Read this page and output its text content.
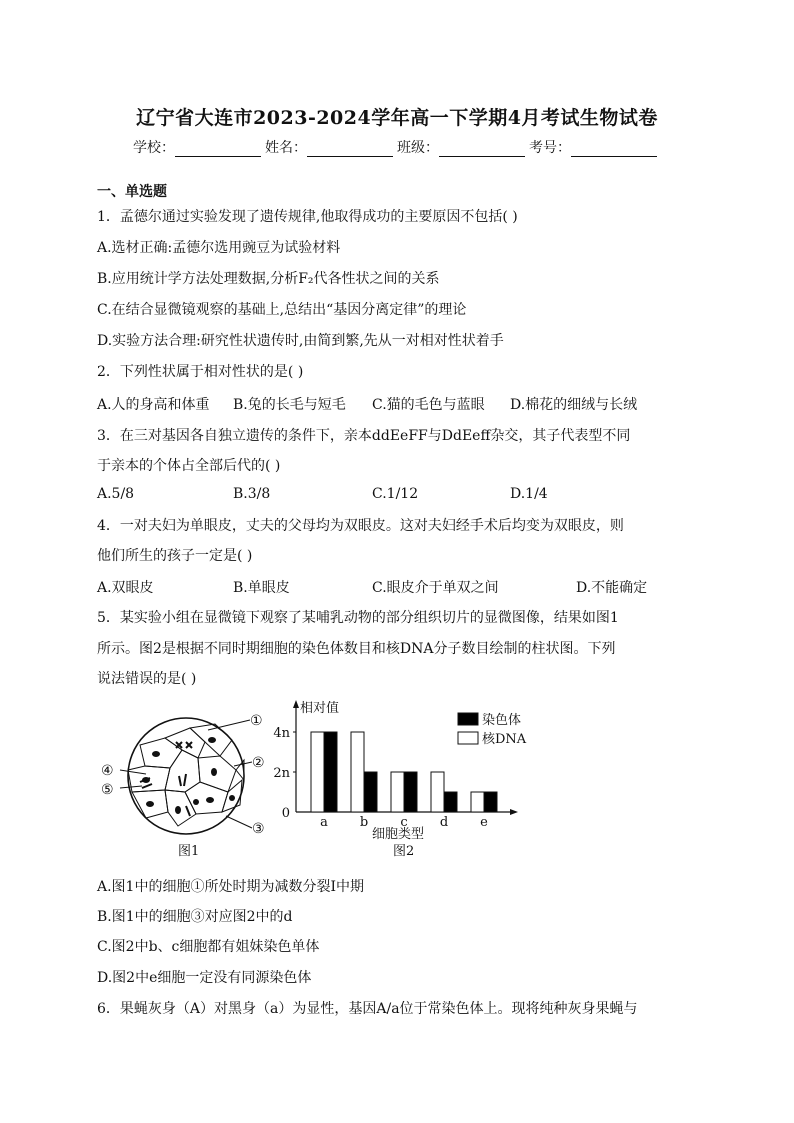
辽宁省大连市2023-2024学年高一下学期4月考试生物试卷
学校：	姓名：	班级：	考号：
一、单选题
1．孟德尔通过实验发现了遗传规律,他取得成功的主要原因不包括( )
A.选材正确:孟德尔选用豌豆为试验材料
B.应用统计学方法处理数据,分析F₂代各性状之间的关系
C.在结合显微镜观察的基础上,总结出“基因分离定律”的理论
D.实验方法合理:研究性状遗传时,由简到繁,先从一对相对性状着手
2．下列性状属于相对性状的是( )
A.人的身高和体重 B.兔的长毛与短毛 C.猫的毛色与蓝眼 D.棉花的细绒与长绒
3．在三对基因各自独立遗传的条件下，亲本ddEeFF与DdEeff杂交，其子代表型不同
于亲本的个体占全部后代的( )
A.5/8	B.3/8	C.1/12	D.1/4
4．一对夫妇为单眼皮，丈夫的父母均为双眼皮。这对夫妇经手术后均变为双眼皮，则
他们所生的孩子一定是( )
A.双眼皮	B.单眼皮	C.眼皮介于单双之间	D.不能确定
5．某实验小组在显微镜下观察了某哺乳动物的部分组织切片的显微图像，结果如图1
所示。图2是根据不同时期细胞的染色体数目和核DNA分子数目绘制的柱状图。下列
说法错误的是( )
①
②
③
④
⑤
图1
相对值
细胞类型
图2
0
2n
4n
a b c d e
染色体
核DNA
A.图1中的细胞①所处时期为减数分裂Ⅰ中期
B.图1中的细胞③对应图2中的d
C.图2中b、c细胞都有姐妹染色单体
D.图2中e细胞一定没有同源染色体
6．果蝇灰身（A）对黑身（a）为显性，基因A/a位于常染色体上。现将纯种灰身果蝇与
